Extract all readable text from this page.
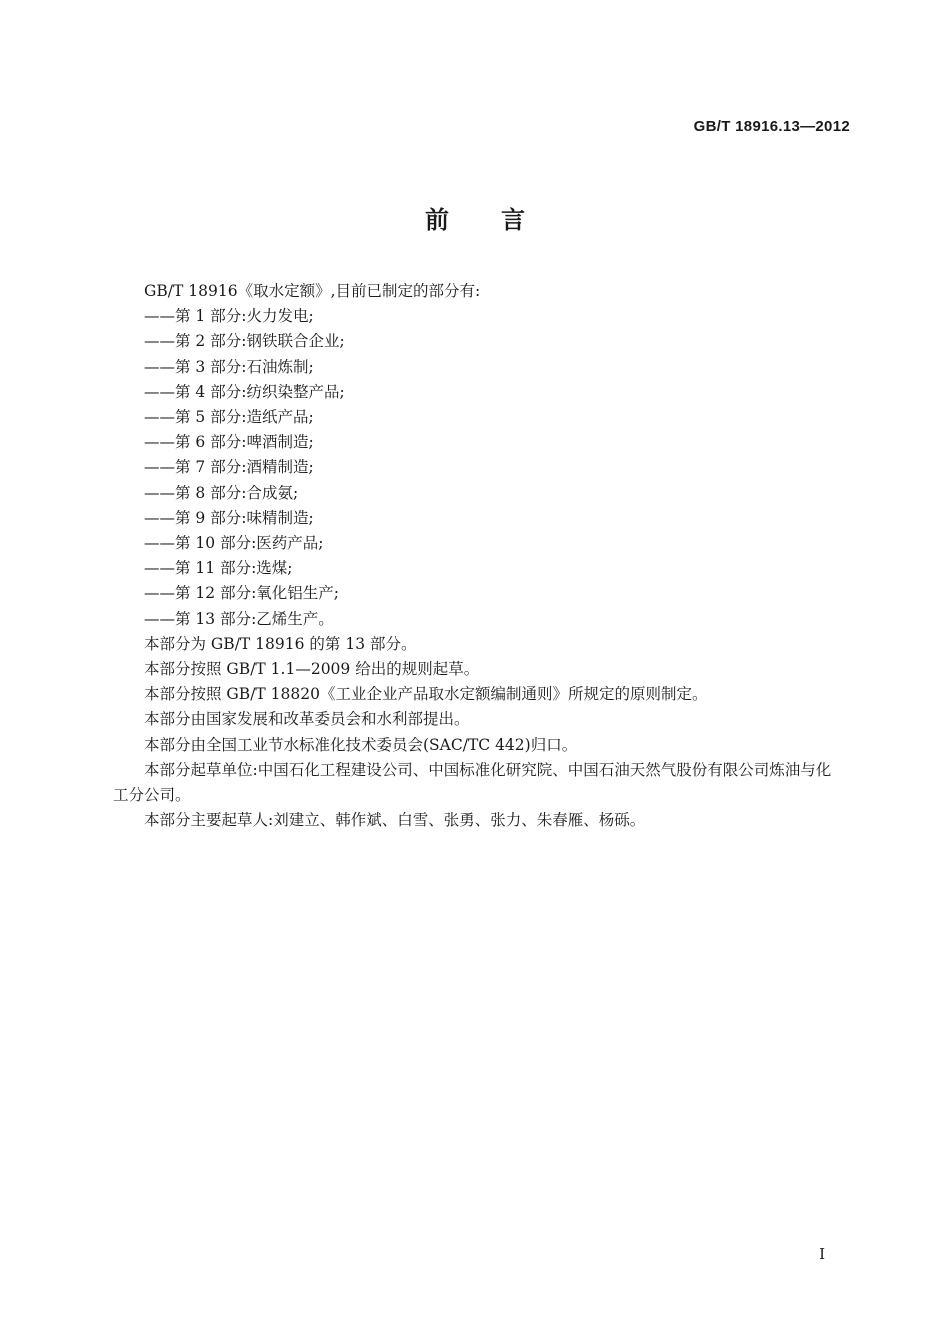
GB/T 18916.13—2012
前言

GB/T 18916《取水定额》,目前已制定的部分有:

——第 1 部分:火力发电;
——第 2 部分:钢铁联合企业;
——第 3 部分:石油炼制;
——第 4 部分:纺织染整产品;
——第 5 部分:造纸产品;
——第 6 部分:啤酒制造;
——第 7 部分:酒精制造;
——第 8 部分:合成氨;
——第 9 部分:味精制造;
——第 10 部分:医药产品;
——第 11 部分:选煤;
——第 12 部分:氧化铝生产;
——第 13 部分:乙烯生产。

本部分为 GB/T 18916 的第 13 部分。

本部分按照 GB/T 1.1—2009 给出的规则起草。

本部分按照 GB/T 18820《工业企业产品取水定额编制通则》所规定的原则制定。

本部分由国家发展和改革委员会和水利部提出。

本部分由全国工业节水标准化技术委员会(SAC/TC 442)归口。

本部分起草单位:中国石化工程建设公司、中国标准化研究院、中国石油天然气股份有限公司炼油与化工分公司。

本部分主要起草人:刘建立、韩作斌、白雪、张勇、张力、朱春雁、杨砾。

I
